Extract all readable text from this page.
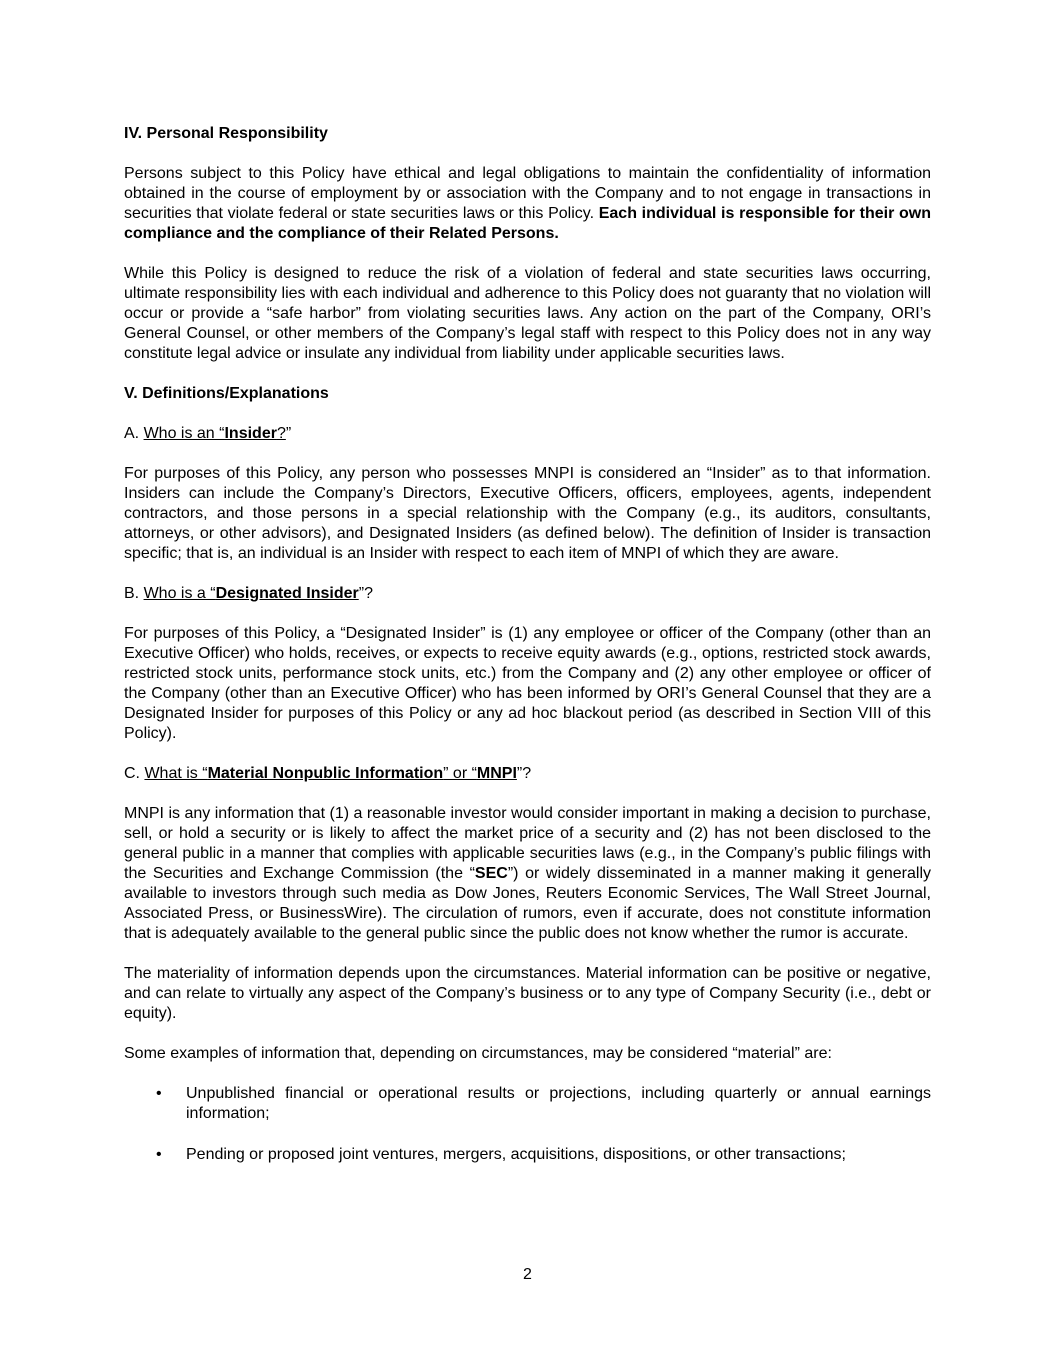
IV. Personal Responsibility

Persons subject to this Policy have ethical and legal obligations to maintain the confidentiality of information obtained in the course of employment by or association with the Company and to not engage in transactions in securities that violate federal or state securities laws or this Policy. Each individual is responsible for their own compliance and the compliance of their Related Persons.

While this Policy is designed to reduce the risk of a violation of federal and state securities laws occurring, ultimate responsibility lies with each individual and adherence to this Policy does not guaranty that no violation will occur or provide a “safe harbor” from violating securities laws. Any action on the part of the Company, ORI’s General Counsel, or other members of the Company’s legal staff with respect to this Policy does not in any way constitute legal advice or insulate any individual from liability under applicable securities laws.

V. Definitions/Explanations

A. Who is an “Insider?”

For purposes of this Policy, any person who possesses MNPI is considered an “Insider” as to that information. Insiders can include the Company’s Directors, Executive Officers, officers, employees, agents, independent contractors, and those persons in a special relationship with the Company (e.g., its auditors, consultants, attorneys, or other advisors), and Designated Insiders (as defined below). The definition of Insider is transaction specific; that is, an individual is an Insider with respect to each item of MNPI of which they are aware.

B. Who is a “Designated Insider”?

For purposes of this Policy, a “Designated Insider” is (1) any employee or officer of the Company (other than an Executive Officer) who holds, receives, or expects to receive equity awards (e.g., options, restricted stock awards, restricted stock units, performance stock units, etc.) from the Company and (2) any other employee or officer of the Company (other than an Executive Officer) who has been informed by ORI’s General Counsel that they are a Designated Insider for purposes of this Policy or any ad hoc blackout period (as described in Section VIII of this Policy).

C. What is “Material Nonpublic Information” or “MNPI”?

MNPI is any information that (1) a reasonable investor would consider important in making a decision to purchase, sell, or hold a security or is likely to affect the market price of a security and (2) has not been disclosed to the general public in a manner that complies with applicable securities laws (e.g., in the Company’s public filings with the Securities and Exchange Commission (the “SEC”) or widely disseminated in a manner making it generally available to investors through such media as Dow Jones, Reuters Economic Services, The Wall Street Journal, Associated Press, or BusinessWire). The circulation of rumors, even if accurate, does not constitute information that is adequately available to the general public since the public does not know whether the rumor is accurate.

The materiality of information depends upon the circumstances. Material information can be positive or negative, and can relate to virtually any aspect of the Company’s business or to any type of Company Security (i.e., debt or equity).

Some examples of information that, depending on circumstances, may be considered “material” are:

• Unpublished financial or operational results or projections, including quarterly or annual earnings information;
• Pending or proposed joint ventures, mergers, acquisitions, dispositions, or other transactions;
2
